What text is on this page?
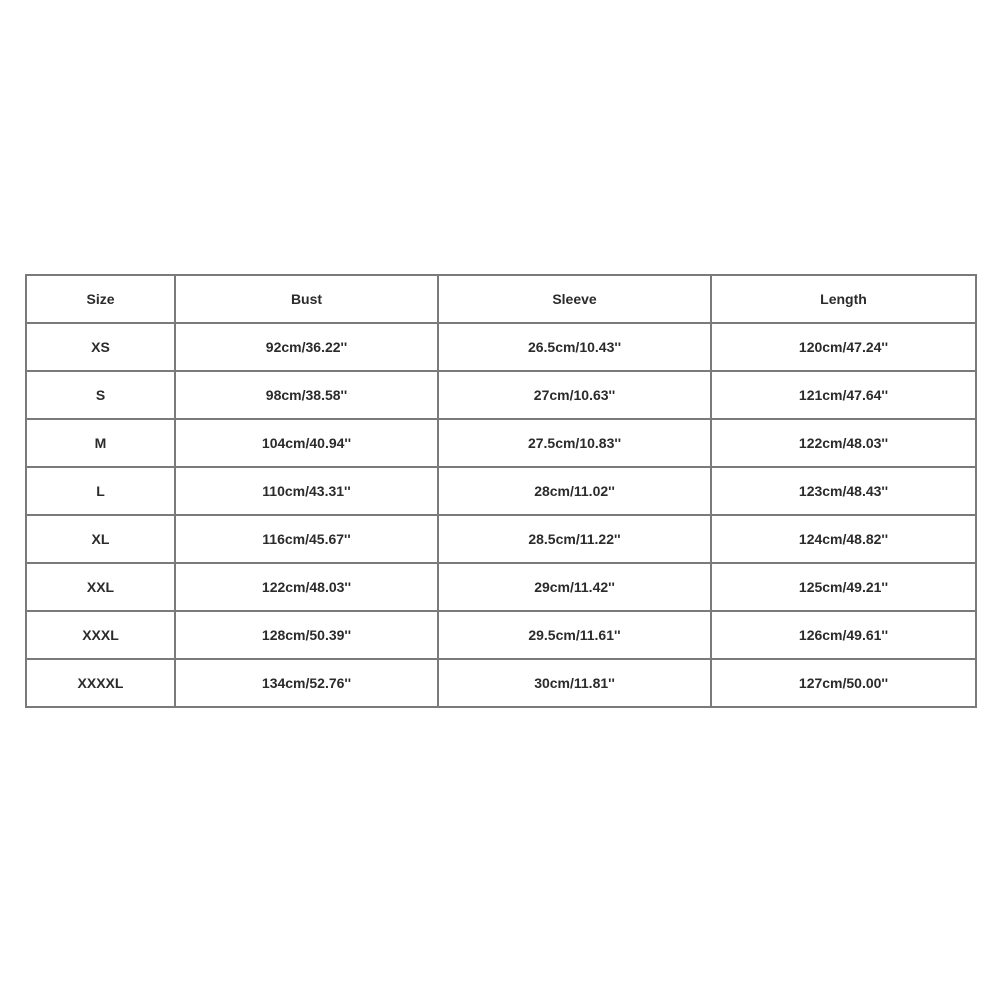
Size	Bust	Sleeve	Length
XS	92cm/36.22''	26.5cm/10.43''	120cm/47.24''
S	98cm/38.58''	27cm/10.63''	121cm/47.64''
M	104cm/40.94''	27.5cm/10.83''	122cm/48.03''
L	110cm/43.31''	28cm/11.02''	123cm/48.43''
XL	116cm/45.67''	28.5cm/11.22''	124cm/48.82''
XXL	122cm/48.03''	29cm/11.42''	125cm/49.21''
XXXL	128cm/50.39''	29.5cm/11.61''	126cm/49.61''
XXXXL	134cm/52.76''	30cm/11.81''	127cm/50.00''
